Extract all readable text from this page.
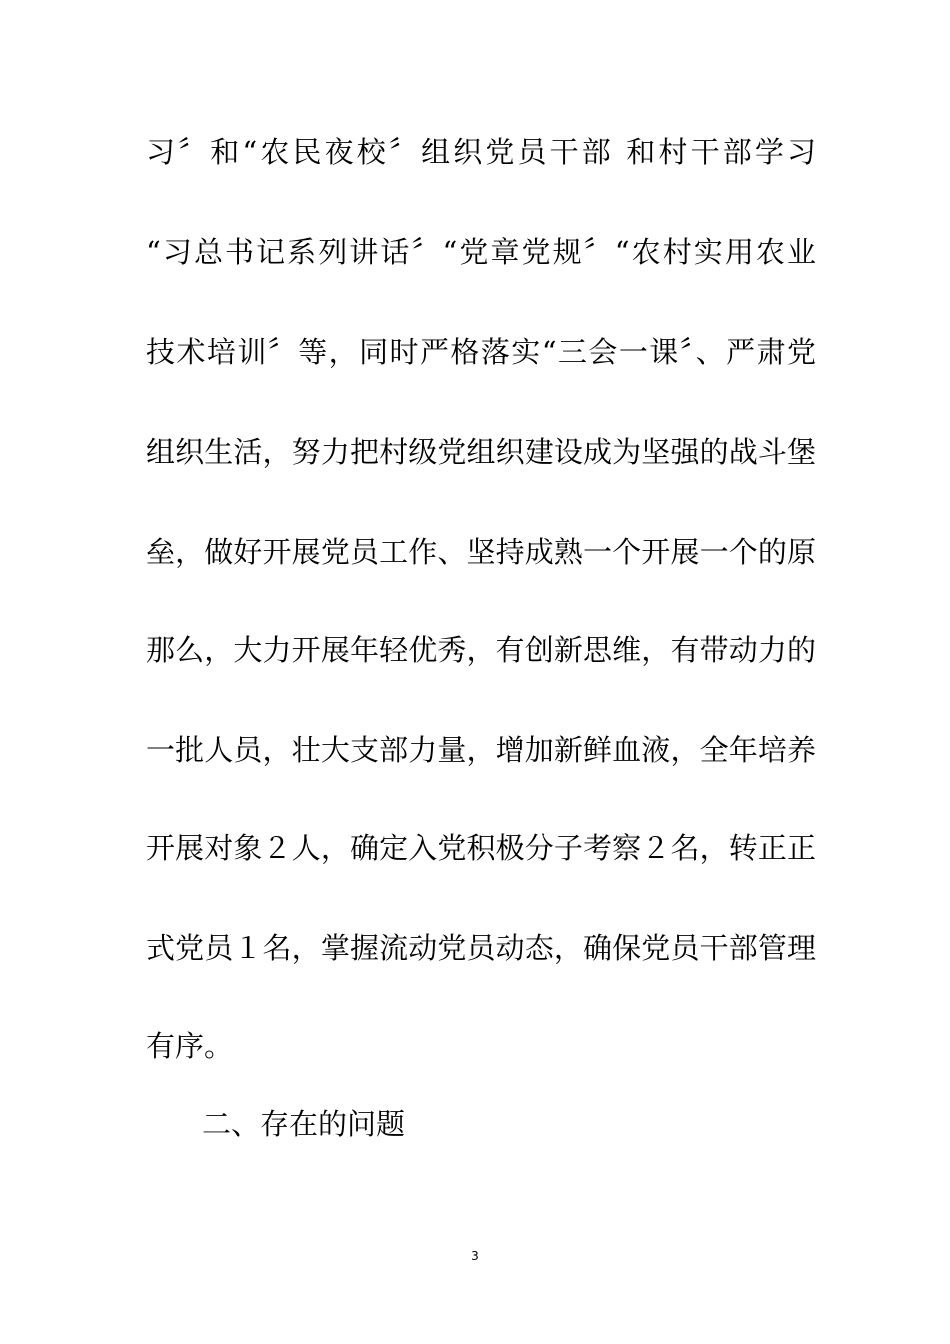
习〞和“农民夜校〞组织党员干部 和村干部学习
“习总书记系列讲话〞“党章党规〞“农村实用农业
技术培训〞等，同时严格落实“三会一课〞、严肃党
组织生活，努力把村级党组织建设成为坚强的战斗堡
垒，做好开展党员工作、坚持成熟一个开展一个的原
那么，大力开展年轻优秀，有创新思维，有带动力的
一批人员，壮大支部力量，增加新鲜血液，全年培养
开展对象２人，确定入党积极分子考察２名，转正正
式党员１名，掌握流动党员动态，确保党员干部管理
有序。
二、存在的问题
3
